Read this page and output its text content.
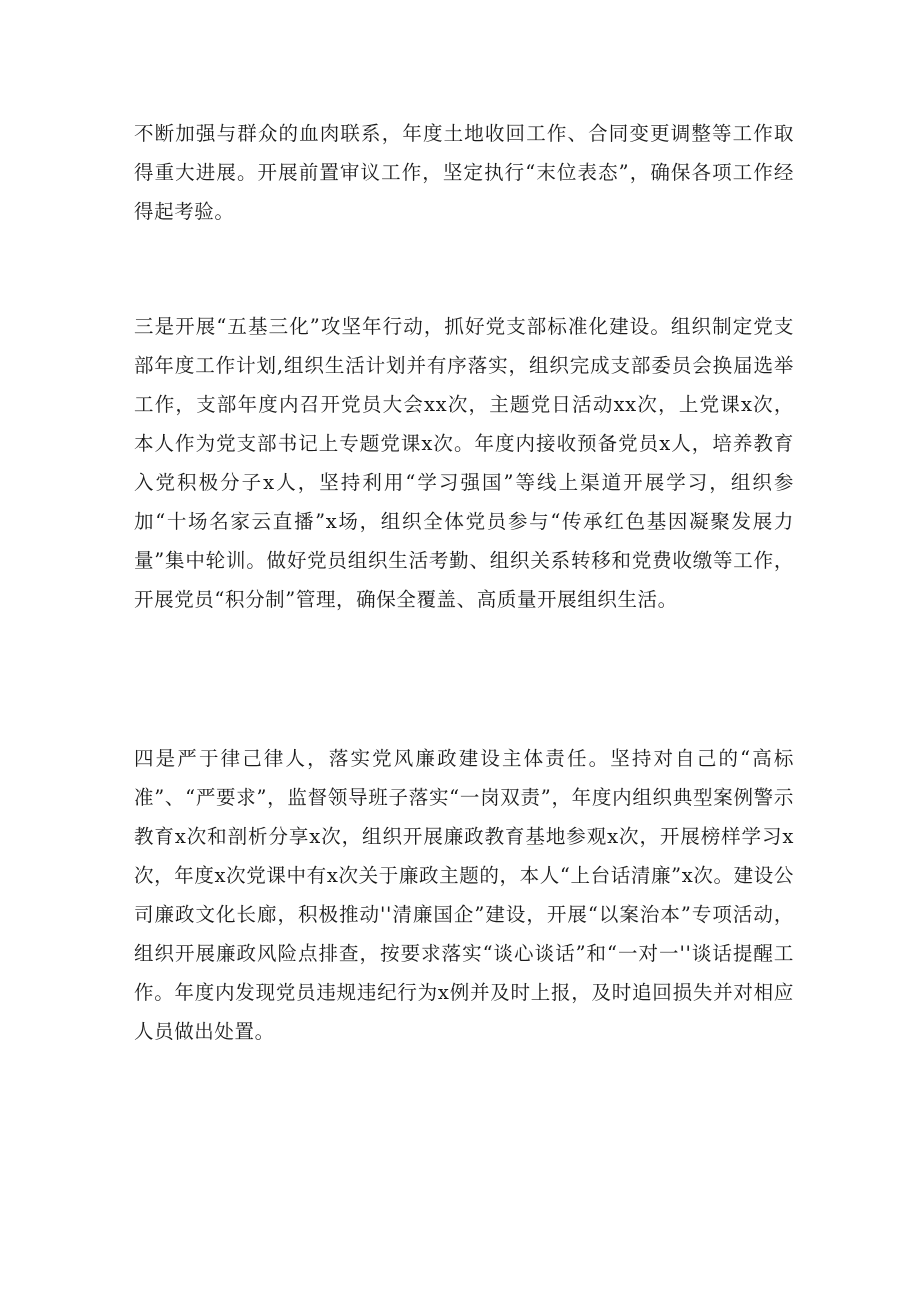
不断加强与群众的血肉联系，年度土地收回工作、合同变更调整等工作取得重大进展。开展前置审议工作，坚定执行“末位表态”，确保各项工作经得起考验。

三是开展“五基三化”攻坚年行动，抓好党支部标准化建设。组织制定党支部年度工作计划,组织生活计划并有序落实，组织完成支部委员会换届选举工作，支部年度内召开党员大会xx次，主题党日活动xx次，上党课x次，本人作为党支部书记上专题党课x次。年度内接收预备党员x人，培养教育入党积极分子x人，坚持利用“学习强国”等线上渠道开展学习，组织参加“十场名家云直播”x场，组织全体党员参与“传承红色基因凝聚发展力量”集中轮训。做好党员组织生活考勤、组织关系转移和党费收缴等工作，开展党员“积分制”管理，确保全覆盖、高质量开展组织生活。

四是严于律己律人，落实党风廉政建设主体责任。坚持对自己的“高标准”、“严要求”，监督领导班子落实“一岗双责”，年度内组织典型案例警示教育x次和剖析分享x次，组织开展廉政教育基地参观x次，开展榜样学习x次，年度x次党课中有x次关于廉政主题的，本人“上台话清廉”x次。建设公司廉政文化长廊，积极推动''清廉国企”建设，开展“以案治本”专项活动，组织开展廉政风险点排查，按要求落实“谈心谈话”和“一对一''谈话提醒工作。年度内发现党员违规违纪行为x例并及时上报，及时追回损失并对相应人员做出处置。
